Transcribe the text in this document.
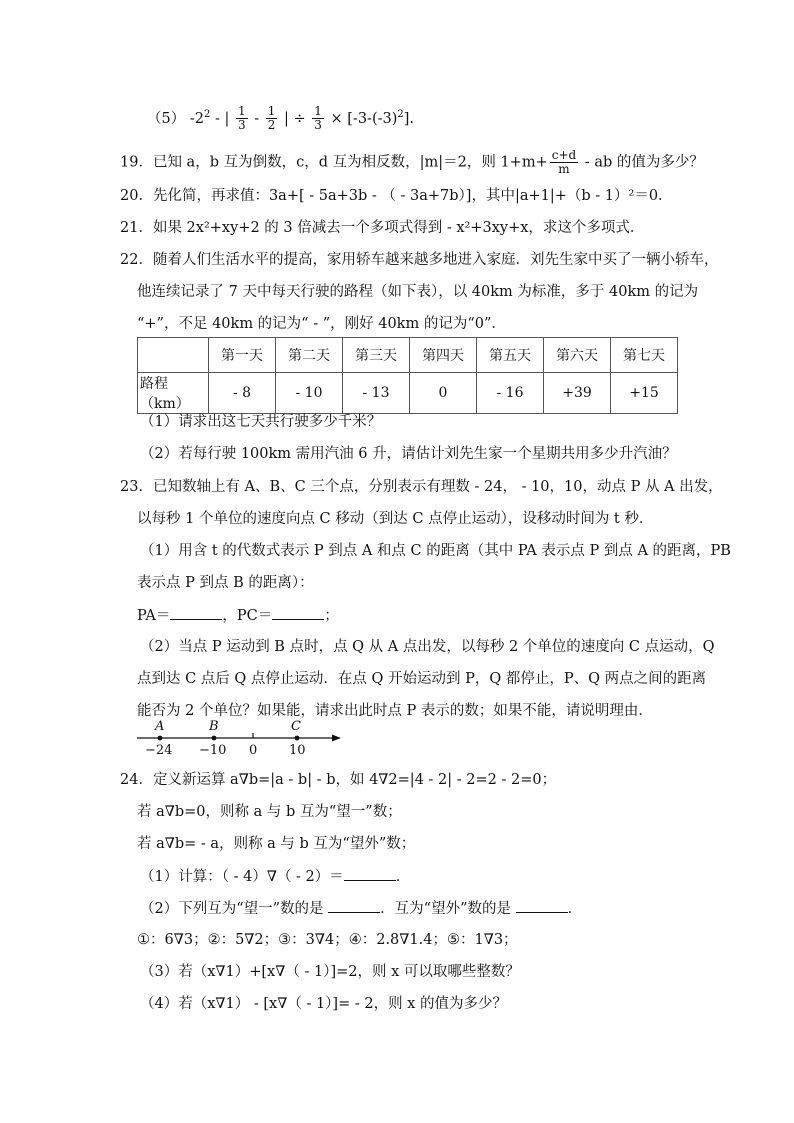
（5） $-2^2$ - | $\frac{1}{3} - \frac{1}{2}$ | ÷ $\frac{1}{3} \times [-3-(-3)^2]$.
19．已知 a，b 互为倒数，c，d 互为相反数，|m|＝2，则 $1+m+ \frac{c+d}{m}$ - ab 的值为多少？
20．先化简，再求值：3a+[ - 5a+3b - （ - 3a+7b）]，其中|a+1|+（b - 1）²＝0．
21．如果 2x²+xy+2 的 3 倍减去一个多项式得到 - x²+3xy+x，求这个多项式．
22．随着人们生活水平的提高，家用轿车越来越多地进入家庭．刘先生家中买了一辆小轿车，
他连续记录了 7 天中每天行驶的路程（如下表），以 40km 为标准，多于 40km 的记为
“+”，不足 40km 的记为“ - ”，刚好 40km 的记为“0”．
	第一天	第二天	第三天	第四天	第五天	第六天	第七天
路程（km）	- 8	- 10	- 13	0	- 16	+39	+15
（1）请求出这七天共行驶多少千米？
（2）若每行驶 100km 需用汽油 6 升，请估计刘先生家一个星期共用多少升汽油？
23．已知数轴上有 A、B、C 三个点，分别表示有理数 - 24， - 10，10，动点 P 从 A 出发，
以每秒 1 个单位的速度向点 C 移动（到达 C 点停止运动），设移动时间为 t 秒．
（1）用含 t 的代数式表示 P 到点 A 和点 C 的距离（其中 PA 表示点 P 到点 A 的距离，PB
表示点 P 到点 B 的距离）：
PA＝	，PC＝	；
（2）当点 P 运动到 B 点时，点 Q 从 A 点出发，以每秒 2 个单位的速度向 C 点运动，Q
点到达 C 点后 Q 点停止运动．在点 Q 开始运动到 P，Q 都停止，P、Q 两点之间的距离
能否为 2 个单位？如果能，请求出此时点 P 表示的数；如果不能，请说明理由．
A	B	C
−24 −10 0 10
24．定义新运算 a∇b=|a - b| - b，如 4∇2=|4 - 2| - 2=2 - 2=0；
若 a∇b=0，则称 a 与 b 互为“望一”数；
若 a∇b= - a，则称 a 与 b 互为“望外”数；
（1）计算：（ - 4）∇（ - 2）＝	．
（2）下列互为“望一”数的是	．互为“望外”数的是	．
①：6∇3；②：5∇2；③：3∇4；④：2.8∇1.4；⑤：1∇3；
（3）若（x∇1）+[x∇（ - 1）]=2，则 x 可以取哪些整数？
（4）若（x∇1） - [x∇（ - 1）]= - 2，则 x 的值为多少？
